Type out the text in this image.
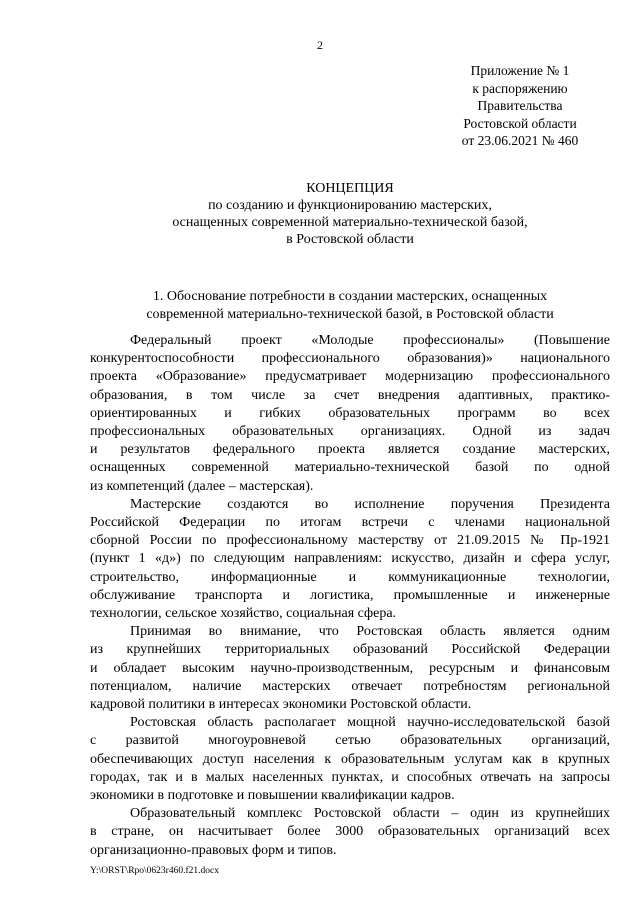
2
Приложение № 1
к распоряжению
Правительства
Ростовской области
от 23.06.2021 № 460
КОНЦЕПЦИЯ
по созданию и функционированию мастерских,
оснащенных современной материально-технической базой,
в Ростовской области
1. Обоснование потребности в создании мастерских, оснащенных
современной материально-технической базой, в Ростовской области
Федеральный проект «Молодые профессионалы» (Повышение
конкурентоспособности профессионального образования)» национального
проекта «Образование» предусматривает модернизацию профессионального
образования, в том числе за счет внедрения адаптивных, практико-
ориентированных и гибких образовательных программ во всех
профессиональных образовательных организациях. Одной из задач
и результатов федерального проекта является создание мастерских,
оснащенных современной материально-технической базой по одной
из компетенций (далее – мастерская).
Мастерские создаются во исполнение поручения Президента
Российской Федерации по итогам встречи с членами национальной
сборной России по профессиональному мастерству от 21.09.2015 № Пр-1921
(пункт 1 «д») по следующим направлениям: искусство, дизайн и сфера услуг,
строительство, информационные и коммуникационные технологии,
обслуживание транспорта и логистика, промышленные и инженерные
технологии, сельское хозяйство, социальная сфера.
Принимая во внимание, что Ростовская область является одним
из крупнейших территориальных образований Российской Федерации
и обладает высоким научно-производственным, ресурсным и финансовым
потенциалом, наличие мастерских отвечает потребностям региональной
кадровой политики в интересах экономики Ростовской области.
Ростовская область располагает мощной научно-исследовательской базой
с развитой многоуровневой сетью образовательных организаций,
обеспечивающих доступ населения к образовательным услугам как в крупных
городах, так и в малых населенных пунктах, и способных отвечать на запросы
экономики в подготовке и повышении квалификации кадров.
Образовательный комплекс Ростовской области – один из крупнейших
в стране, он насчитывает более 3000 образовательных организаций всех
организационно-правовых форм и типов.
Y:\ORST\Rpo\0623r460.f21.docx
